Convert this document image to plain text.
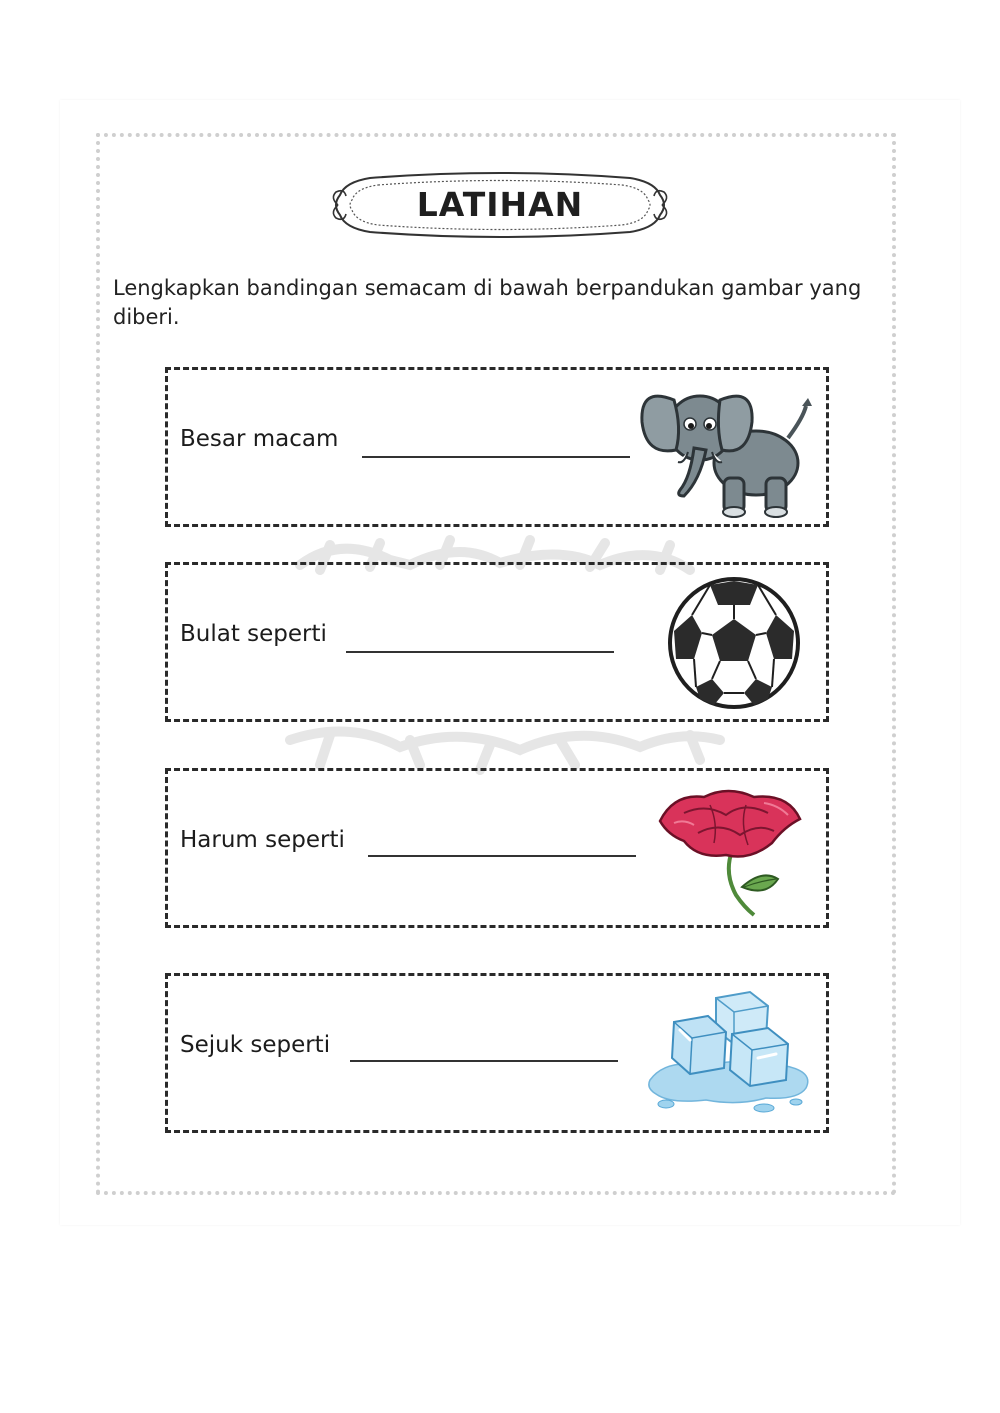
LATIHAN
Lengkapkan bandingan semacam di bawah berpandukan gambar yang diberi.
Besar macam
Bulat seperti
Harum seperti
Sejuk seperti
